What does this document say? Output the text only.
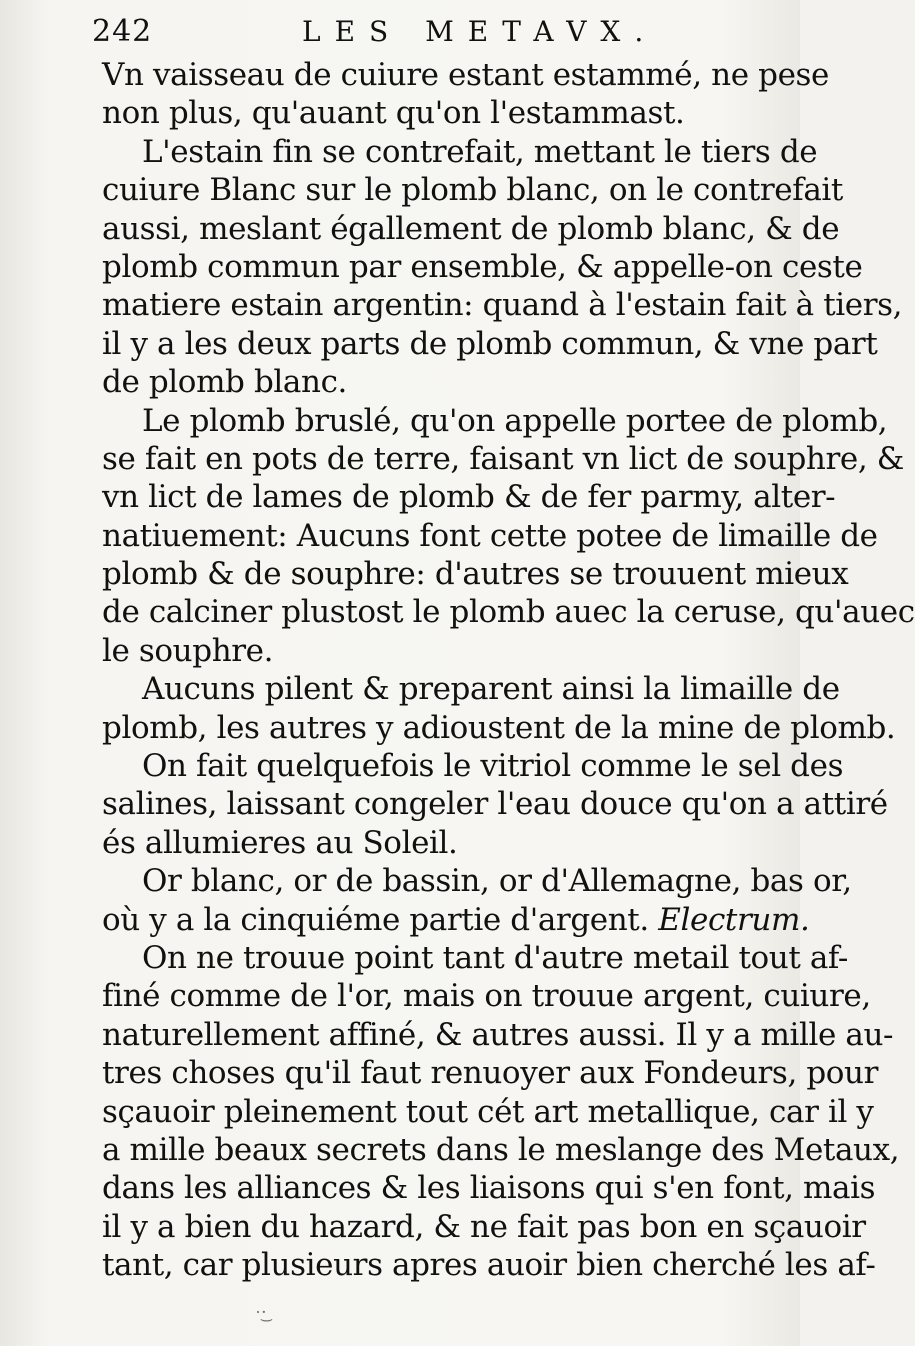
242	LES METAVX.
Vn vaisseau de cuiure estant estammé, ne pese
non plus, qu'auant qu'on l'estammast.
L'estain fin se contrefait, mettant le tiers de
cuiure Blanc sur le plomb blanc, on le contrefait
aussi, meslant égallement de plomb blanc, & de
plomb commun par ensemble, & appelle-on ceste
matiere estain argentin: quand à l'estain fait à tiers,
il y a les deux parts de plomb commun, & vne part
de plomb blanc.
Le plomb bruslé, qu'on appelle portee de plomb,
se fait en pots de terre, faisant vn lict de souphre, &
vn lict de lames de plomb & de fer parmy, alter-
natiuement: Aucuns font cette potee de limaille de
plomb & de souphre: d'autres se trouuent mieux
de calciner plustost le plomb auec la ceruse, qu'auec
le souphre.
Aucuns pilent & preparent ainsi la limaille de
plomb, les autres y adioustent de la mine de plomb.
On fait quelquefois le vitriol comme le sel des
salines, laissant congeler l'eau douce qu'on a attiré
és allumieres au Soleil.
Or blanc, or de bassin, or d'Allemagne, bas or,
où y a la cinquiéme partie d'argent. Electrum.
On ne trouue point tant d'autre metail tout af-
finé comme de l'or, mais on trouue argent, cuiure,
naturellement affiné, & autres aussi. Il y a mille au-
tres choses qu'il faut renuoyer aux Fondeurs, pour
sçauoir pleinement tout cét art metallique, car il y
a mille beaux secrets dans le meslange des Metaux,
dans les alliances & les liaisons qui s'en font, mais
il y a bien du hazard, & ne fait pas bon en sçauoir
tant, car plusieurs apres auoir bien cherché les af-
·͜·
